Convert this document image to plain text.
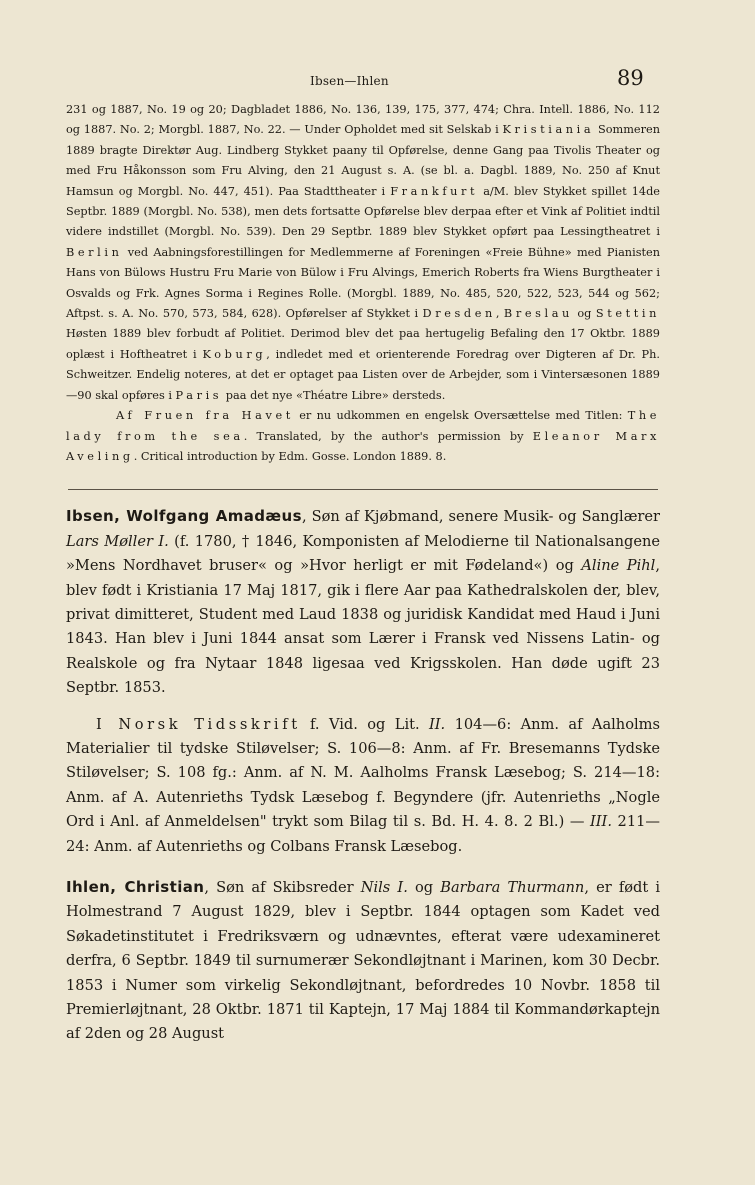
Ibsen—Ihlen	89

231 og 1887, No. 19 og 20; Dagbladet 1886, No. 136, 139, 175, 377, 474; Chra. Intell. 1886, No. 112 og 1887. No. 2; Morgbl. 1887, No. 22. — Under Opholdet med sit Selskab i Kristiania Sommeren 1889 bragte Direktør Aug. Lindberg Stykket paany til Opførelse, denne Gang paa Tivolis Theater og med Fru Håkonsson som Fru Alving, den 21 August s. A. (se bl. a. Dagbl. 1889, No. 250 af Knut Hamsun og Morgbl. No. 447, 451). Paa Stadttheater i Frankfurt a/M. blev Stykket spillet 14de Septbr. 1889 (Morgbl. No. 538), men dets fortsatte Opførelse blev derpaa efter et Vink af Politiet indtil videre indstillet (Morgbl. No. 539). Den 29 Septbr. 1889 blev Stykket opført paa Lessingtheatret i Berlin ved Aabningsforestillingen for Medlemmerne af Foreningen «Freie Bühne» med Pianisten Hans von Bülows Hustru Fru Marie von Bülow i Fru Alvings, Emerich Roberts fra Wiens Burgtheater i Osvalds og Frk. Agnes Sorma i Regines Rolle. (Morgbl. 1889, No. 485, 520, 522, 523, 544 og 562; Aftpst. s. A. No. 570, 573, 584, 628). Opførelser af Stykket i Dresden, Breslau og Stettin Høsten 1889 blev forbudt af Politiet. Derimod blev det paa hertugelig Befaling den 17 Oktbr. 1889 oplæst i Hoftheatret i Koburg, indledet med et orienterende Foredrag over Digteren af Dr. Ph. Schweitzer. Endelig noteres, at det er optaget paa Listen over de Arbejder, som i Vintersæsonen 1889—90 skal opføres i Paris paa det nye «Théatre Libre» dersteds.

Af Fruen fra Havet er nu udkommen en engelsk Oversættelse med Titlen: The lady from the sea. Translated, by the author's permission by Eleanor Marx Aveling. Critical introduction by Edm. Gosse. London 1889. 8.

Ibsen, Wolfgang Amadæus, Søn af Kjøbmand, senere Musik- og Sanglærer Lars Møller I. (f. 1780, † 1846, Komponisten af Melodierne til Nationalsangene »Mens Nordhavet bruser« og »Hvor herligt er mit Fødeland«) og Aline Pihl, blev født i Kristiania 17 Maj 1817, gik i flere Aar paa Kathedralskolen der, blev, privat dimitteret, Student med Laud 1838 og juridisk Kandidat med Haud i Juni 1843. Han blev i Juni 1844 ansat som Lærer i Fransk ved Nissens Latin- og Realskole og fra Nytaar 1848 ligesaa ved Krigsskolen. Han døde ugift 23 Septbr. 1853.

I Norsk Tidsskrift f. Vid. og Lit. II. 104—6: Anm. af Aalholms Materialier til tydske Stiløvelser; S. 106—8: Anm. af Fr. Bresemanns Tydske Stiløvelser; S. 108 fg.: Anm. af N. M. Aalholms Fransk Læsebog; S. 214—18: Anm. af A. Autenrieths Tydsk Læsebog f. Begyndere (jfr. Autenrieths „Nogle Ord i Anl. af Anmeldelsen" trykt som Bilag til s. Bd. H. 4. 8. 2 Bl.) — III. 211—24: Anm. af Autenrieths og Colbans Fransk Læsebog.

Ihlen, Christian, Søn af Skibsreder Nils I. og Barbara Thurmann, er født i Holmestrand 7 August 1829, blev i Septbr. 1844 optagen som Kadet ved Søkadetinstitutet i Fredriksværn og udnævntes, efterat være udexamineret derfra, 6 Septbr. 1849 til surnumerær Sekondløjtnant i Marinen, kom 30 Decbr. 1853 i Numer som virkelig Sekondløjtnant, befordredes 10 Novbr. 1858 til Premierløjtnant, 28 Oktbr. 1871 til Kaptejn, 17 Maj 1884 til Kommandørkaptejn af 2den og 28 August
